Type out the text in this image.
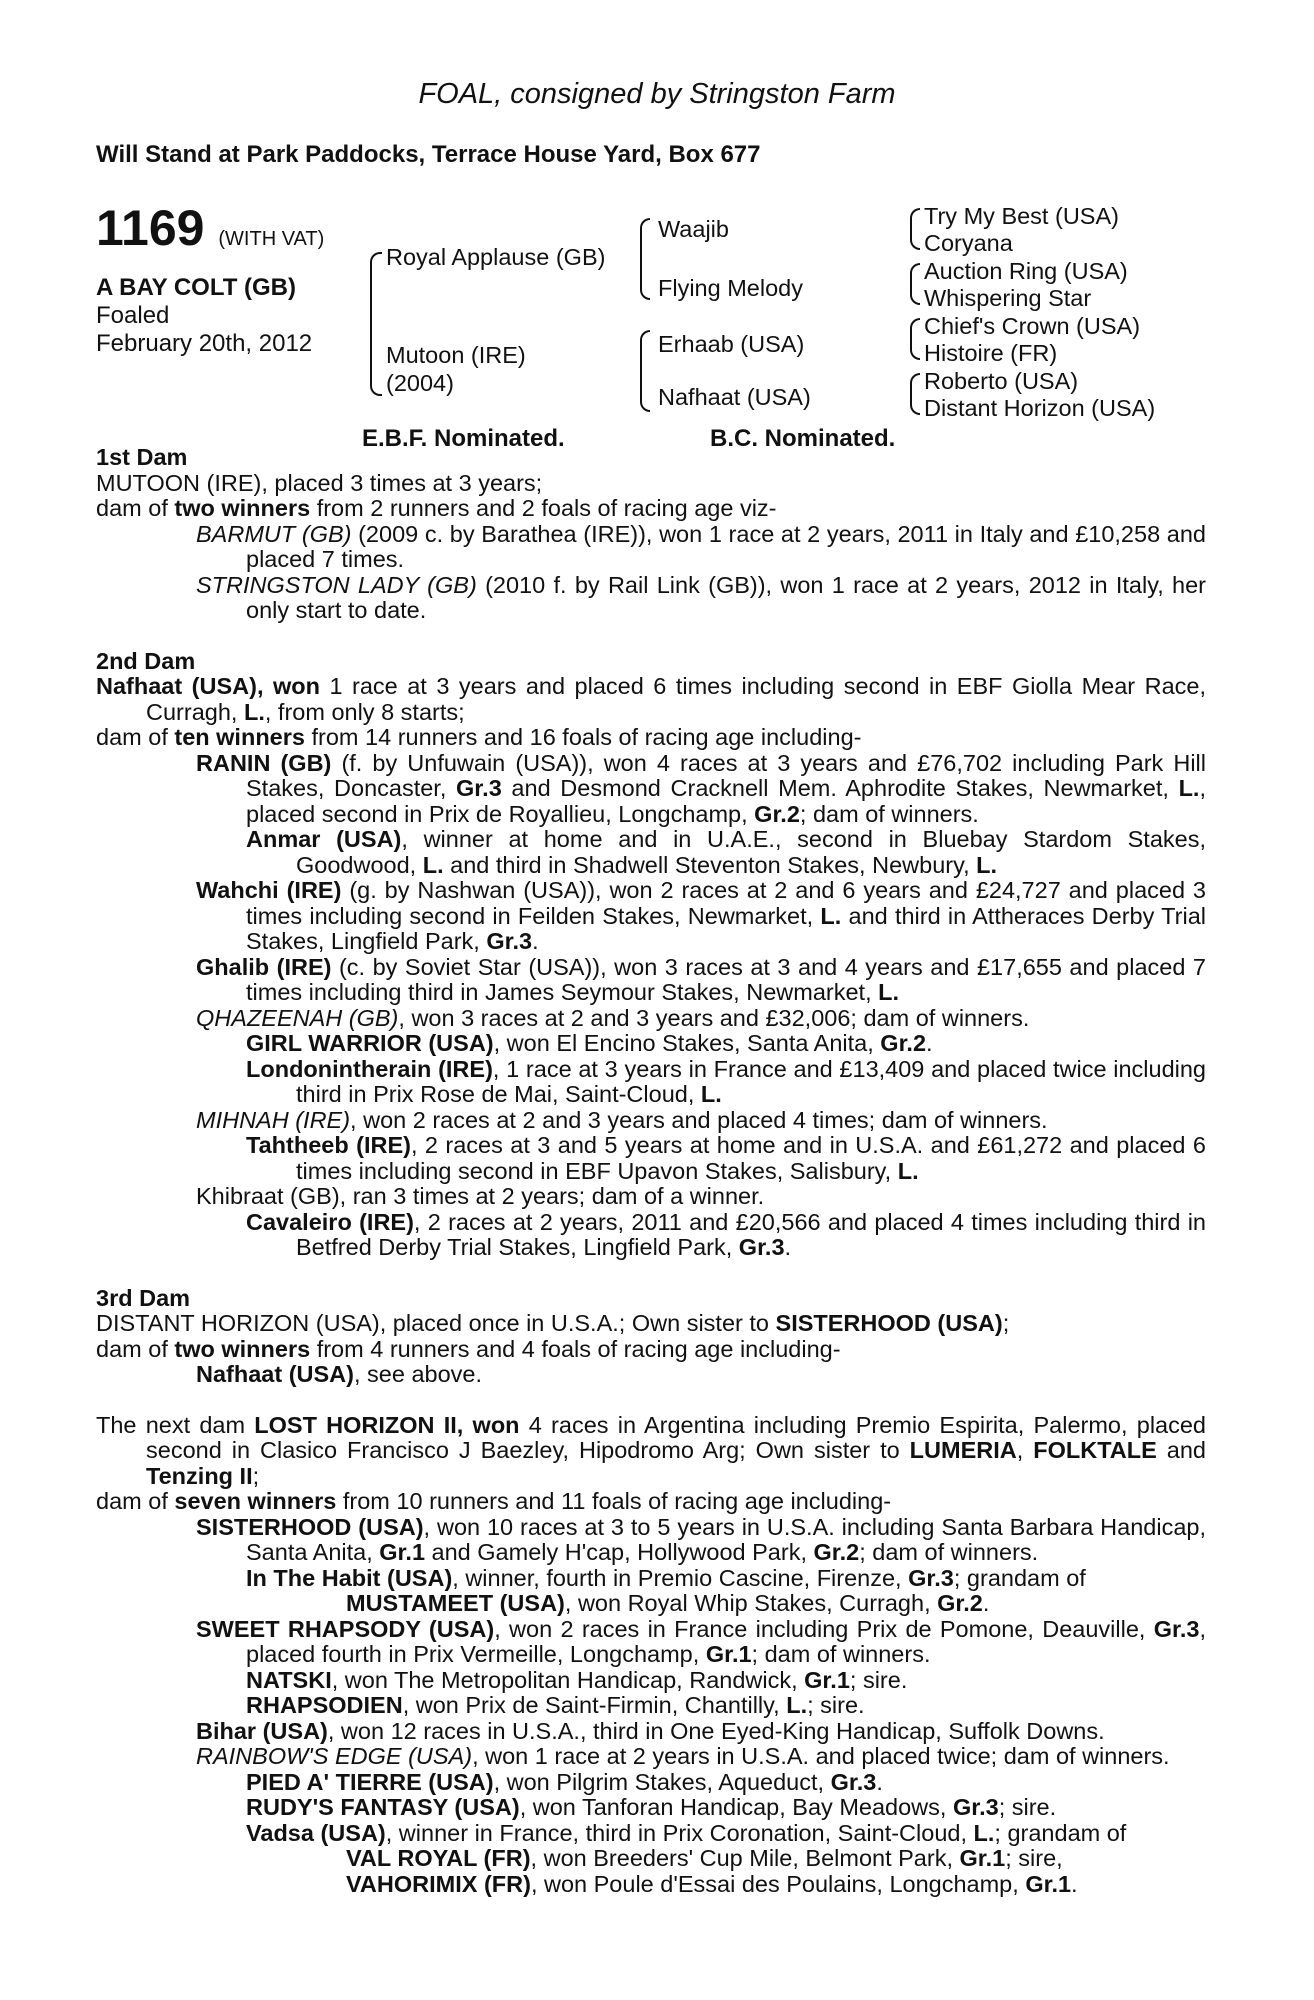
FOAL, consigned by Stringston Farm
Will Stand at Park Paddocks, Terrace House Yard, Box 677
1169 (WITH VAT)
A BAY COLT (GB)
Foaled
February 20th, 2012
Royal Applause (GB)
Mutoon (IRE)
(2004)
Waajib
Flying Melody
Erhaab (USA)
Nafhaat (USA)
Try My Best (USA)
Coryana
Auction Ring (USA)
Whispering Star
Chief's Crown (USA)
Histoire (FR)
Roberto (USA)
Distant Horizon (USA)
E.B.F. Nominated.	B.C. Nominated.

1st Dam

MUTOON (IRE), placed 3 times at 3 years;

dam of two winners from 2 runners and 2 foals of racing age viz-

BARMUT (GB) (2009 c. by Barathea (IRE)), won 1 race at 2 years, 2011 in Italy and £10,258 and placed 7 times.

STRINGSTON LADY (GB) (2010 f. by Rail Link (GB)), won 1 race at 2 years, 2012 in Italy, her only start to date.

2nd Dam

Nafhaat (USA), won 1 race at 3 years and placed 6 times including second in EBF Giolla Mear Race, Curragh, L., from only 8 starts;

dam of ten winners from 14 runners and 16 foals of racing age including-

RANIN (GB) (f. by Unfuwain (USA)), won 4 races at 3 years and £76,702 including Park Hill Stakes, Doncaster, Gr.3 and Desmond Cracknell Mem. Aphrodite Stakes, Newmarket, L., placed second in Prix de Royallieu, Longchamp, Gr.2; dam of winners.

Anmar (USA), winner at home and in U.A.E., second in Bluebay Stardom Stakes, Goodwood, L. and third in Shadwell Steventon Stakes, Newbury, L.

Wahchi (IRE) (g. by Nashwan (USA)), won 2 races at 2 and 6 years and £24,727 and placed 3 times including second in Feilden Stakes, Newmarket, L. and third in Attheraces Derby Trial Stakes, Lingfield Park, Gr.3.

Ghalib (IRE) (c. by Soviet Star (USA)), won 3 races at 3 and 4 years and £17,655 and placed 7 times including third in James Seymour Stakes, Newmarket, L.

QHAZEENAH (GB), won 3 races at 2 and 3 years and £32,006; dam of winners.

GIRL WARRIOR (USA), won El Encino Stakes, Santa Anita, Gr.2.

Londonintherain (IRE), 1 race at 3 years in France and £13,409 and placed twice including third in Prix Rose de Mai, Saint-Cloud, L.

MIHNAH (IRE), won 2 races at 2 and 3 years and placed 4 times; dam of winners.

Tahtheeb (IRE), 2 races at 3 and 5 years at home and in U.S.A. and £61,272 and placed 6 times including second in EBF Upavon Stakes, Salisbury, L.

Khibraat (GB), ran 3 times at 2 years; dam of a winner.

Cavaleiro (IRE), 2 races at 2 years, 2011 and £20,566 and placed 4 times including third in Betfred Derby Trial Stakes, Lingfield Park, Gr.3.

3rd Dam

DISTANT HORIZON (USA), placed once in U.S.A.; Own sister to SISTERHOOD (USA);

dam of two winners from 4 runners and 4 foals of racing age including-

Nafhaat (USA), see above.

The next dam LOST HORIZON II, won 4 races in Argentina including Premio Espirita, Palermo, placed second in Clasico Francisco J Baezley, Hipodromo Arg; Own sister to LUMERIA, FOLKTALE and Tenzing II;

dam of seven winners from 10 runners and 11 foals of racing age including-

SISTERHOOD (USA), won 10 races at 3 to 5 years in U.S.A. including Santa Barbara Handicap, Santa Anita, Gr.1 and Gamely H'cap, Hollywood Park, Gr.2; dam of winners.

In The Habit (USA), winner, fourth in Premio Cascine, Firenze, Gr.3; grandam of

MUSTAMEET (USA), won Royal Whip Stakes, Curragh, Gr.2.

SWEET RHAPSODY (USA), won 2 races in France including Prix de Pomone, Deauville, Gr.3, placed fourth in Prix Vermeille, Longchamp, Gr.1; dam of winners.

NATSKI, won The Metropolitan Handicap, Randwick, Gr.1; sire.

RHAPSODIEN, won Prix de Saint-Firmin, Chantilly, L.; sire.

Bihar (USA), won 12 races in U.S.A., third in One Eyed-King Handicap, Suffolk Downs.

RAINBOW'S EDGE (USA), won 1 race at 2 years in U.S.A. and placed twice; dam of winners.

PIED A' TIERRE (USA), won Pilgrim Stakes, Aqueduct, Gr.3.

RUDY'S FANTASY (USA), won Tanforan Handicap, Bay Meadows, Gr.3; sire.

Vadsa (USA), winner in France, third in Prix Coronation, Saint-Cloud, L.; grandam of

VAL ROYAL (FR), won Breeders' Cup Mile, Belmont Park, Gr.1; sire,

VAHORIMIX (FR), won Poule d'Essai des Poulains, Longchamp, Gr.1.
